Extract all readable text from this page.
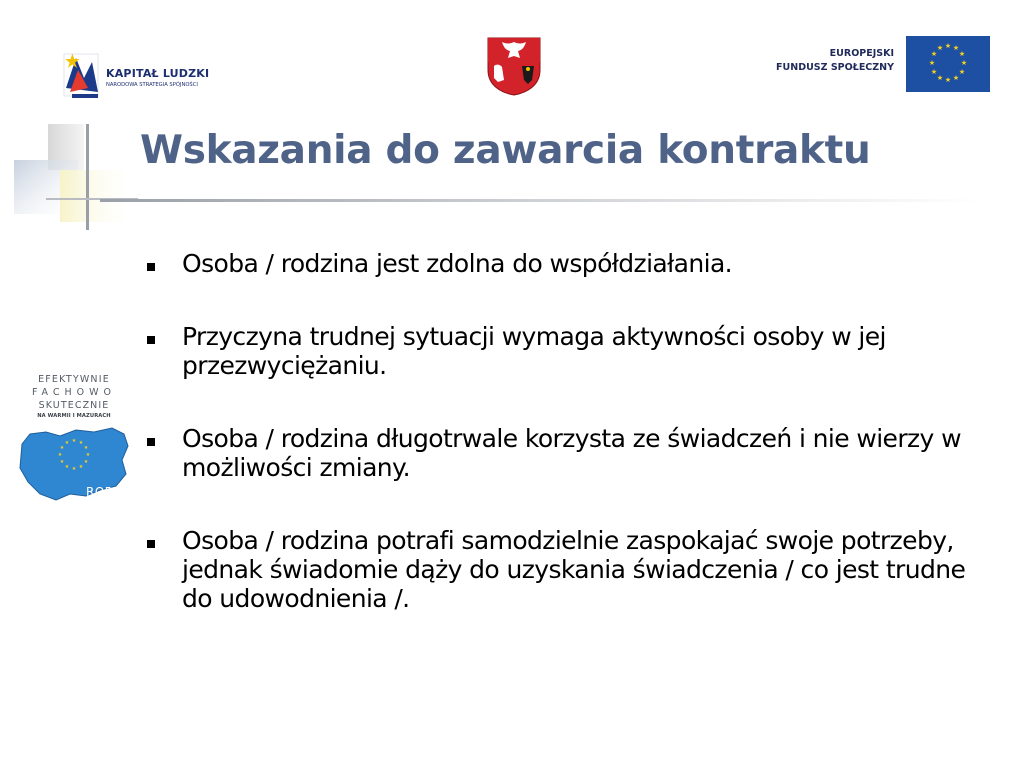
KAPITAŁ LUDZKI
NARODOWA STRATEGIA SPÓJNOŚCI
EUROPEJSKI
FUNDUSZ SPOŁECZNY
★ ★
★
★
★
★
★
★
★
★
★
★
Wskazania do zawarcia kontraktu
EFEKTYWNIE
FACHOWO
SKUTECZNIE
NA WARMII I MAZURACH
★ ★
★
★
★
★
★
★
★
★
★
★
ROPS
Osoba / rodzina jest zdolna do współdziałania.
Przyczyna trudnej sytuacji wymaga aktywności osoby w jej przezwyciężaniu.
Osoba / rodzina długotrwale korzysta ze świadczeń i nie wierzy w możliwości zmiany.
Osoba / rodzina potrafi samodzielnie zaspokajać swoje potrzeby, jednak świadomie dąży do uzyskania świadczenia / co jest trudne do udowodnienia /.
